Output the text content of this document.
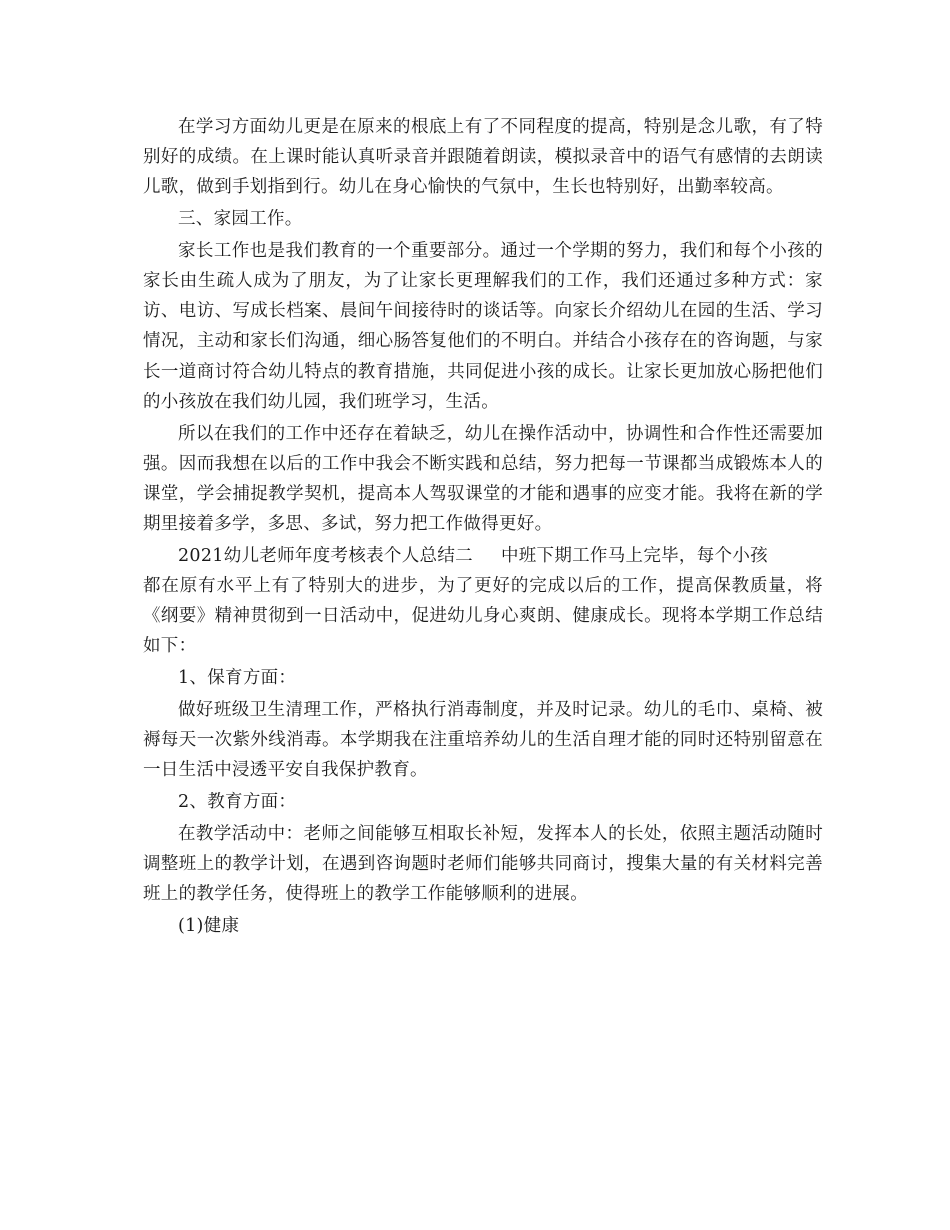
在学习方面幼儿更是在原来的根底上有了不同程度的提高，特别是念儿歌，有了特别好的成绩。在上课时能认真听录音并跟随着朗读，模拟录音中的语气有感情的去朗读儿歌，做到手划指到行。幼儿在身心愉快的气氛中，生长也特别好，出勤率较高。

三、家园工作。

家长工作也是我们教育的一个重要部分。通过一个学期的努力，我们和每个小孩的家长由生疏人成为了朋友，为了让家长更理解我们的工作，我们还通过多种方式：家访、电访、写成长档案、晨间午间接待时的谈话等。向家长介绍幼儿在园的生活、学习情况，主动和家长们沟通，细心肠答复他们的不明白。并结合小孩存在的咨询题，与家长一道商讨符合幼儿特点的教育措施，共同促进小孩的成长。让家长更加放心肠把他们的小孩放在我们幼儿园，我们班学习，生活。

所以在我们的工作中还存在着缺乏，幼儿在操作活动中，协调性和合作性还需要加强。因而我想在以后的工作中我会不断实践和总结，努力把每一节课都当成锻炼本人的课堂，学会捕捉教学契机，提高本人驾驭课堂的才能和遇事的应变才能。我将在新的学期里接着多学，多思、多试，努力把工作做得更好。

2021幼儿老师年度考核表个人总结二 中班下期工作马上完毕，每个小孩
都在原有水平上有了特别大的进步，为了更好的完成以后的工作，提高保教质量，将《纲要》精神贯彻到一日活动中，促进幼儿身心爽朗、健康成长。现将本学期工作总结如下：

1、保育方面：

做好班级卫生清理工作，严格执行消毒制度，并及时记录。幼儿的毛巾、桌椅、被褥每天一次紫外线消毒。本学期我在注重培养幼儿的生活自理才能的同时还特别留意在一日生活中浸透平安自我保护教育。

2、教育方面：

在教学活动中：老师之间能够互相取长补短，发挥本人的长处，依照主题活动随时调整班上的教学计划，在遇到咨询题时老师们能够共同商讨，搜集大量的有关材料完善班上的教学任务，使得班上的教学工作能够顺利的进展。

(1)健康
